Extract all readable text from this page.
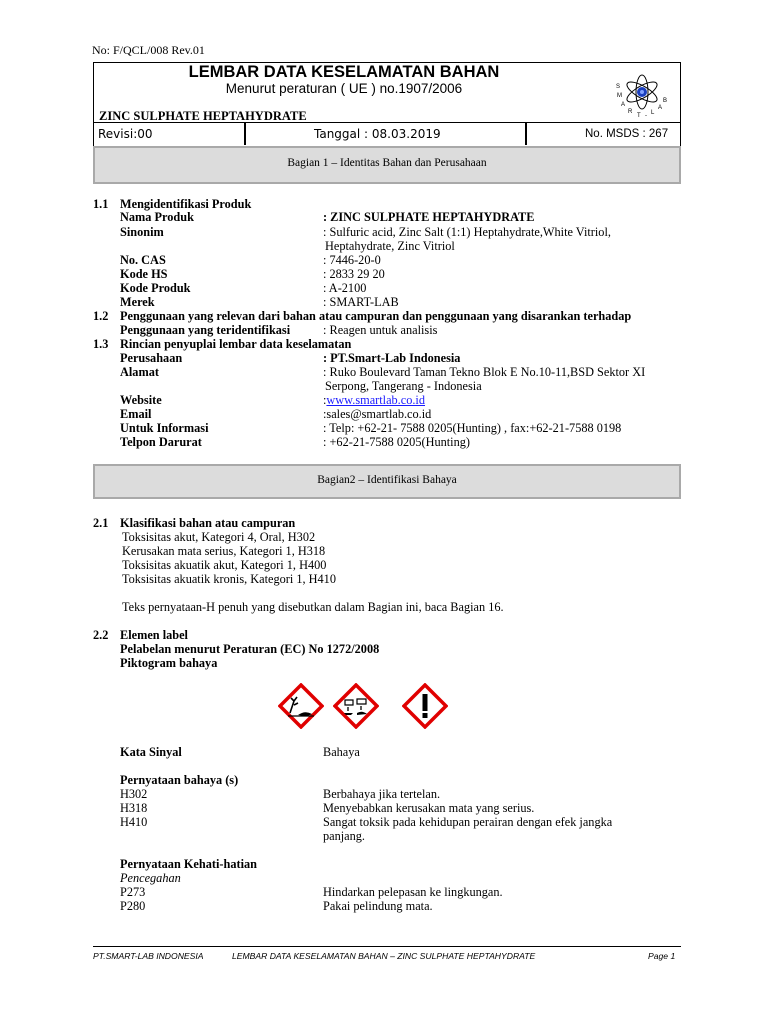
No: F/QCL/008 Rev.01
LEMBAR DATA KESELAMATAN BAHAN
Menurut peraturan ( UE ) no.1907/2006
ZINC SULPHATE HEPTAHYDRATE
S
M
A
R
T - L
A
B
Revisi:00	Tanggal : 08.03.2019	No. MSDS : 267
Bagian 1 – Identitas Bahan dan Perusahaan
1.1 Mengidentifikasi Produk
Nama Produk	: ZINC SULPHATE HEPTAHYDRATE
Sinonim	: Sulfuric acid, Zinc Salt (1:1) Heptahydrate,White Vitriol,
Heptahydrate, Zinc Vitriol
No. CAS	: 7446-20-0
Kode HS	: 2833 29 20
Kode Produk	: A-2100
Merek	: SMART-LAB
1.2 Penggunaan yang relevan dari bahan atau campuran dan penggunaan yang disarankan terhadap
Penggunaan yang teridentifikasi	: Reagen untuk analisis
1.3 Rincian penyuplai lembar data keselamatan
Perusahaan	: PT.Smart-Lab Indonesia
Alamat	: Ruko Boulevard Taman Tekno Blok E No.10-11,BSD Sektor XI
Serpong, Tangerang - Indonesia
Website	:www.smartlab.co.id
Email	:sales@smartlab.co.id
Untuk Informasi	: Telp: +62-21- 7588 0205(Hunting) , fax:+62-21-7588 0198
Telpon Darurat	: +62-21-7588 0205(Hunting)
Bagian2 – Identifikasi Bahaya
2.1 Klasifikasi bahan atau campuran
Toksisitas akut, Kategori 4, Oral, H302
Kerusakan mata serius, Kategori 1, H318
Toksisitas akuatik akut, Kategori 1, H400
Toksisitas akuatik kronis, Kategori 1, H410
Teks pernyataan-H penuh yang disebutkan dalam Bagian ini, baca Bagian 16.
2.2 Elemen label
Pelabelan menurut Peraturan (EC) No 1272/2008
Piktogram bahaya
Kata Sinyal	Bahaya
Pernyataan bahaya (s)
H302	Berbahaya jika tertelan.
H318	Menyebabkan kerusakan mata yang serius.
H410	Sangat toksik pada kehidupan perairan dengan efek jangka
panjang.
Pernyataan Kehati-hatian
Pencegahan
P273	Hindarkan pelepasan ke lingkungan.
P280	Pakai pelindung mata.
PT.SMART-LAB INDONESIA	LEMBAR DATA KESELAMATAN BAHAN – ZINC SULPHATE HEPTAHYDRATE	Page 1
